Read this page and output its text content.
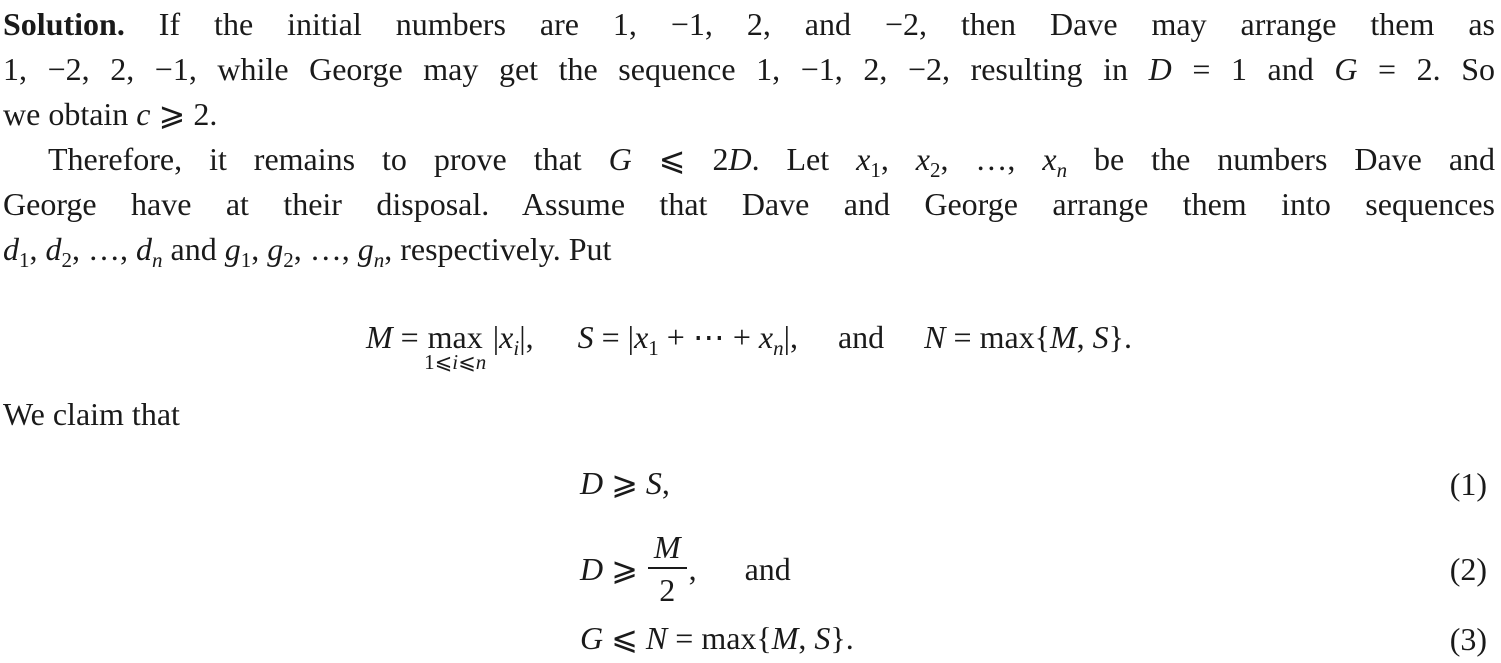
Solution. If the initial numbers are 1, −1, 2, and −2, then Dave may arrange them as
1, −2, 2, −1, while George may get the sequence 1, −1, 2, −2, resulting in D = 1 and G = 2. So
we obtain c ⩾ 2.
Therefore, it remains to prove that G ⩽ 2D. Let $x_1$, $x_2$, …, $x_n$ be the numbers Dave and
George have at their disposal. Assume that Dave and George arrange them into sequences
$d_1$, $d_2$, …, $d_n$ and $g_1$, $g_2$, …, $g_n$, respectively. Put
M = max
1⩽i⩽n
$|x_i|$, $S = |x_1$ + ⋯ + $x_n|$, and N = max{M, S}.
We claim that
D ⩾ S,	(1)
D ⩾ $\frac{M}{2}$ , and	(2)
G ⩽ N = max{M, S}.	(3)
